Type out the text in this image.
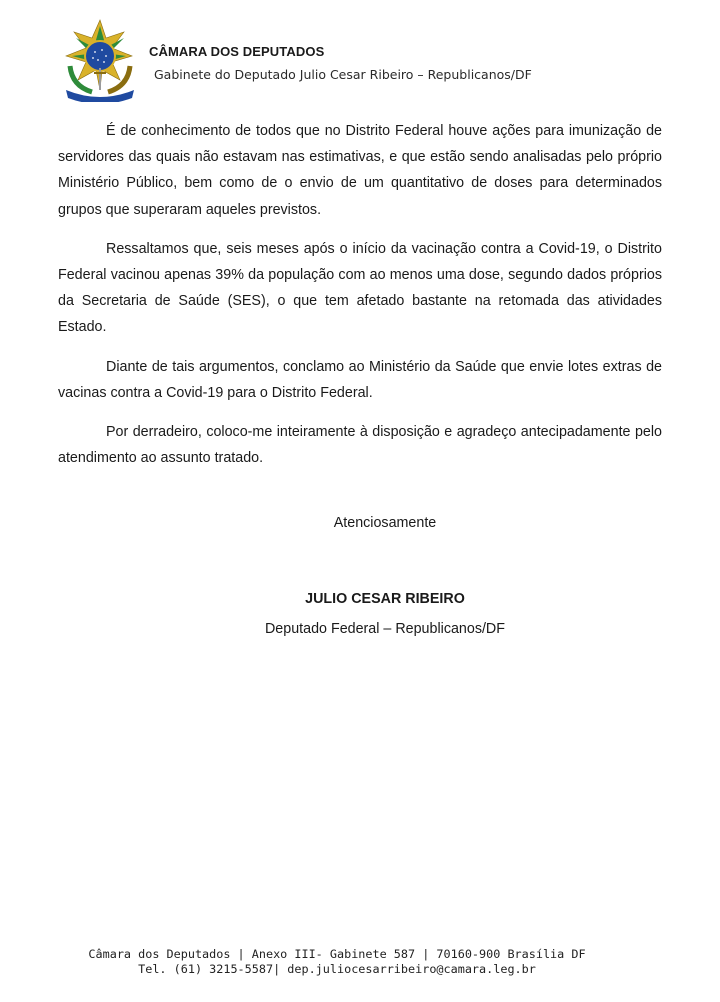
CÂMARA DOS DEPUTADOS
Gabinete do Deputado Julio Cesar Ribeiro – Republicanos/DF

É de conhecimento de todos que no Distrito Federal houve ações para imunização de servidores das quais não estavam nas estimativas, e que estão sendo analisadas pelo próprio Ministério Público, bem como de o envio de um quantitativo de doses para determinados grupos que superaram aqueles previstos.

Ressaltamos que, seis meses após o início da vacinação contra a Covid-19, o Distrito Federal vacinou apenas 39% da população com ao menos uma dose, segundo dados próprios da Secretaria de Saúde (SES), o que tem afetado bastante na retomada das atividades Estado.

Diante de tais argumentos, conclamo ao Ministério da Saúde que envie lotes extras de vacinas contra a Covid-19 para o Distrito Federal.

Por derradeiro, coloco-me inteiramente à disposição e agradeço antecipadamente pelo atendimento ao assunto tratado.

Atenciosamente
JULIO CESAR RIBEIRO
Deputado Federal – Republicanos/DF
Câmara dos Deputados | Anexo III- Gabinete 587 | 70160-900 Brasília DF
Tel. (61) 3215-5587| dep.juliocesarribeiro@camara.leg.br
